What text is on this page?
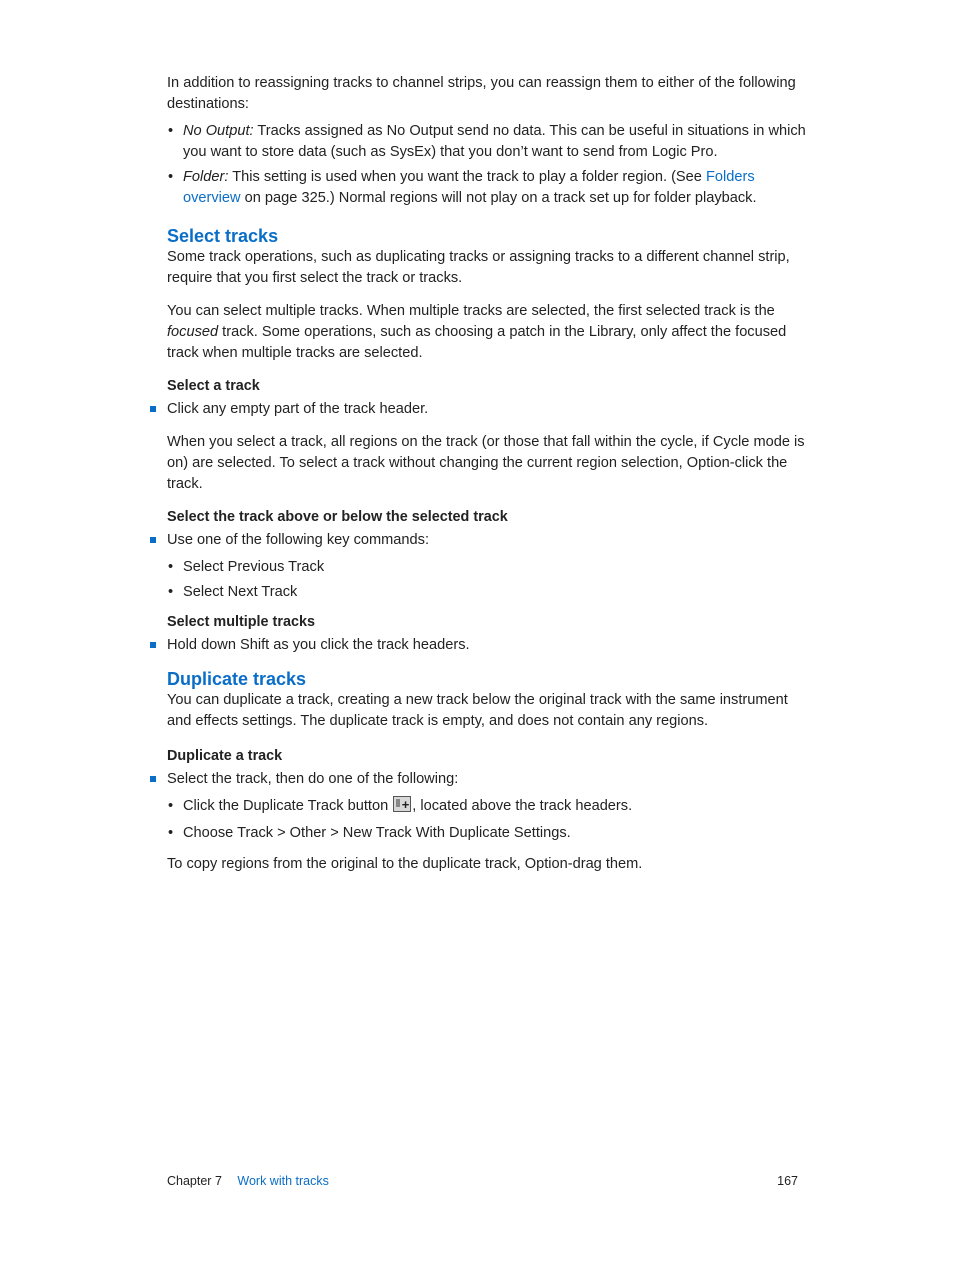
In addition to reassigning tracks to channel strips, you can reassign them to either of the following destinations:

• No Output: Tracks assigned as No Output send no data. This can be useful in situations in which you want to store data (such as SysEx) that you don’t want to send from Logic Pro.
• Folder: This setting is used when you want the track to play a folder region. (See Folders overview on page 325.) Normal regions will not play on a track set up for folder playback.
Select tracks

Some track operations, such as duplicating tracks or assigning tracks to a different channel strip, require that you first select the track or tracks.

You can select multiple tracks. When multiple tracks are selected, the first selected track is the focused track. Some operations, such as choosing a patch in the Library, only affect the focused track when multiple tracks are selected.

Select a track

Click any empty part of the track header.

When you select a track, all regions on the track (or those that fall within the cycle, if Cycle mode is on) are selected. To select a track without changing the current region selection, Option-click the track.

Select the track above or below the selected track

Use one of the following key commands:
• Select Previous Track
• Select Next Track

Select multiple tracks

Hold down Shift as you click the track headers.
Duplicate tracks

You can duplicate a track, creating a new track below the original track with the same instrument and effects settings. The duplicate track is empty, and does not contain any regions.

Duplicate a track

Select the track, then do one of the following:
• Click the Duplicate Track button +, located above the track headers.
• Choose Track > Other > New Track With Duplicate Settings.

To copy regions from the original to the duplicate track, Option-drag them.

Chapter 7 Work with tracks	167
